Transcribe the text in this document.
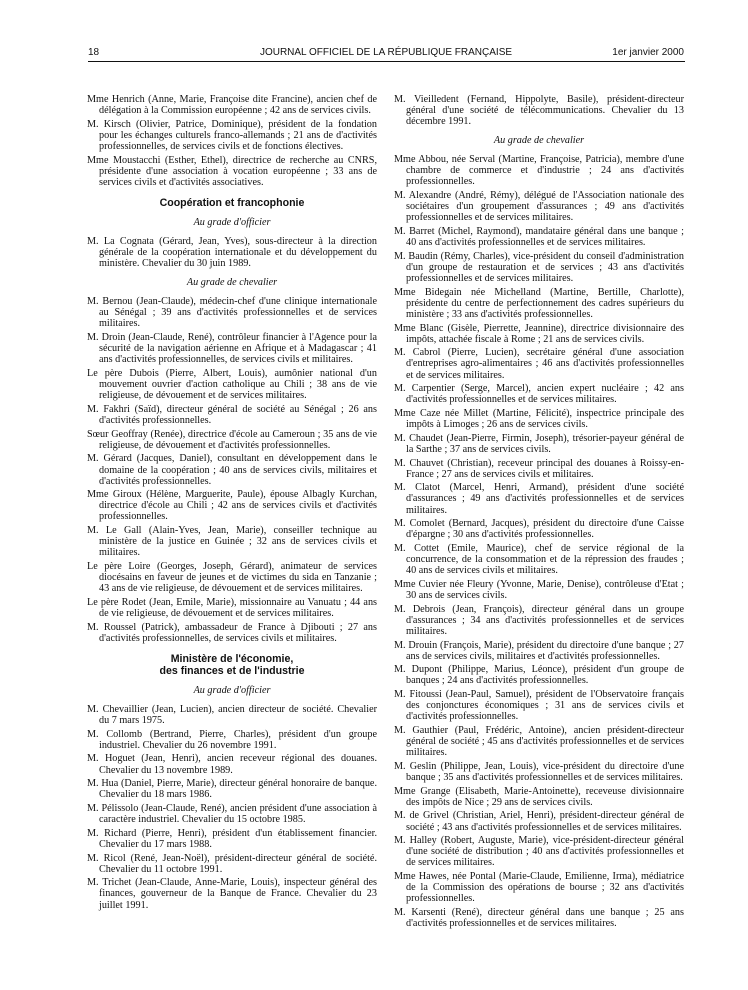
18	JOURNAL OFFICIEL DE LA RÉPUBLIQUE FRANÇAISE	1er janvier 2000

Mme Henrich (Anne, Marie, Françoise dite Francine), ancien chef de délégation à la Commission européenne ; 42 ans de services civils.

M. Kirsch (Olivier, Patrice, Dominique), président de la fondation pour les échanges culturels franco-allemands ; 21 ans de d'activités professionnelles, de services civils et de fonctions électives.

Mme Moustacchi (Esther, Ethel), directrice de recherche au CNRS, présidente d'une association à vocation européenne ; 33 ans de services civils et d'activités associatives.

Coopération et francophonie
Au grade d'officier

M. La Cognata (Gérard, Jean, Yves), sous-directeur à la direction générale de la coopération internationale et du développement du ministère. Chevalier du 30 juin 1989.

Au grade de chevalier

M. Bernou (Jean-Claude), médecin-chef d'une clinique internationale au Sénégal ; 39 ans d'activités professionnelles et de services militaires.

M. Droin (Jean-Claude, René), contrôleur financier à l'Agence pour la sécurité de la navigation aérienne en Afrique et à Madagascar ; 41 ans d'activités professionnelles, de services civils et militaires.

Le père Dubois (Pierre, Albert, Louis), aumônier national d'un mouvement ouvrier d'action catholique au Chili ; 38 ans de vie religieuse, de dévouement et de services militaires.

M. Fakhri (Saïd), directeur général de société au Sénégal ; 26 ans d'activités professionnelles.

Sœur Geoffray (Renée), directrice d'école au Cameroun ; 35 ans de vie religieuse, de dévouement et d'activités professionnelles.

M. Gérard (Jacques, Daniel), consultant en développement dans le domaine de la coopération ; 40 ans de services civils, militaires et d'activités professionnelles.

Mme Giroux (Hélène, Marguerite, Paule), épouse Albagly Kurchan, directrice d'école au Chili ; 42 ans de services civils et d'activités professionnelles.

M. Le Gall (Alain-Yves, Jean, Marie), conseiller technique au ministère de la justice en Guinée ; 32 ans de services civils et militaires.

Le père Loire (Georges, Joseph, Gérard), animateur de services diocésains en faveur de jeunes et de victimes du sida en Tanzanie ; 43 ans de vie religieuse, de dévouement et de services militaires.

Le père Rodet (Jean, Emile, Marie), missionnaire au Vanuatu ; 44 ans de vie religieuse, de dévouement et de services militaires.

M. Roussel (Patrick), ambassadeur de France à Djibouti ; 27 ans d'activités professionnelles, de services civils et militaires.

Ministère de l'économie,
des finances et de l'industrie
Au grade d'officier

M. Chevaillier (Jean, Lucien), ancien directeur de société. Chevalier du 7 mars 1975.

M. Collomb (Bertrand, Pierre, Charles), président d'un groupe industriel. Chevalier du 26 novembre 1991.

M. Hoguet (Jean, Henri), ancien receveur régional des douanes. Chevalier du 13 novembre 1989.

M. Hua (Daniel, Pierre, Marie), directeur général honoraire de banque. Chevalier du 18 mars 1986.

M. Pélissolo (Jean-Claude, René), ancien président d'une association à caractère industriel. Chevalier du 15 octobre 1985.

M. Richard (Pierre, Henri), président d'un établissement financier. Chevalier du 17 mars 1988.

M. Ricol (René, Jean-Noël), président-directeur général de société. Chevalier du 11 octobre 1991.

M. Trichet (Jean-Claude, Anne-Marie, Louis), inspecteur général des finances, gouverneur de la Banque de France. Chevalier du 23 juillet 1991.

M. Vieilledent (Fernand, Hippolyte, Basile), président-directeur général d'une société de télécommunications. Chevalier du 13 décembre 1991.

Au grade de chevalier

Mme Abbou, née Serval (Martine, Françoise, Patricia), membre d'une chambre de commerce et d'industrie ; 24 ans d'activités professionnelles.

M. Alexandre (André, Rémy), délégué de l'Association nationale des sociétaires d'un groupement d'assurances ; 49 ans d'activités professionnelles et de services militaires.

M. Barret (Michel, Raymond), mandataire général dans une banque ; 40 ans d'activités professionnelles et de services militaires.

M. Baudin (Rémy, Charles), vice-président du conseil d'administration d'un groupe de restauration et de services ; 43 ans d'activités professionnelles et de services militaires.

Mme Bidegain née Michelland (Martine, Bertille, Charlotte), présidente du centre de perfectionnement des cadres supérieurs du ministère ; 33 ans d'activités professionnelles.

Mme Blanc (Gisèle, Pierrette, Jeannine), directrice divisionnaire des impôts, attachée fiscale à Rome ; 21 ans de services civils.

M. Cabrol (Pierre, Lucien), secrétaire général d'une association d'entreprises agro-alimentaires ; 46 ans d'activités professionnelles et de services militaires.

M. Carpentier (Serge, Marcel), ancien expert nucléaire ; 42 ans d'activités professionnelles et de services militaires.

Mme Caze née Millet (Martine, Félicité), inspectrice principale des impôts à Limoges ; 26 ans de services civils.

M. Chaudet (Jean-Pierre, Firmin, Joseph), trésorier-payeur général de la Sarthe ; 37 ans de services civils.

M. Chauvet (Christian), receveur principal des douanes à Roissy-en-France ; 27 ans de services civils et militaires.

M. Clatot (Marcel, Henri, Armand), président d'une société d'assurances ; 49 ans d'activités professionnelles et de services militaires.

M. Comolet (Bernard, Jacques), président du directoire d'une Caisse d'épargne ; 30 ans d'activités professionnelles.

M. Cottet (Emile, Maurice), chef de service régional de la concurrence, de la consommation et de la répression des fraudes ; 40 ans de services civils et militaires.

Mme Cuvier née Fleury (Yvonne, Marie, Denise), contrôleuse d'Etat ; 30 ans de services civils.

M. Debrois (Jean, François), directeur général dans un groupe d'assurances ; 34 ans d'activités professionnelles et de services militaires.

M. Drouin (François, Marie), président du directoire d'une banque ; 27 ans de services civils, militaires et d'activités professionnelles.

M. Dupont (Philippe, Marius, Léonce), président d'un groupe de banques ; 24 ans d'activités professionnelles.

M. Fitoussi (Jean-Paul, Samuel), président de l'Observatoire français des conjonctures économiques ; 31 ans de services civils et d'activités professionnelles.

M. Gauthier (Paul, Frédéric, Antoine), ancien président-directeur général de société ; 45 ans d'activités professionnelles et de services militaires.

M. Geslin (Philippe, Jean, Louis), vice-président du directoire d'une banque ; 35 ans d'activités professionnelles et de services militaires.

Mme Grange (Elisabeth, Marie-Antoinette), receveuse divisionnaire des impôts de Nice ; 29 ans de services civils.

M. de Grivel (Christian, Ariel, Henri), président-directeur général de société ; 43 ans d'activités professionnelles et de services militaires.

M. Halley (Robert, Auguste, Marie), vice-président-directeur général d'une société de distribution ; 40 ans d'activités professionnelles et de services militaires.

Mme Hawes, née Pontal (Marie-Claude, Emilienne, Irma), médiatrice de la Commission des opérations de bourse ; 32 ans d'activités professionnelles.

M. Karsenti (René), directeur général dans une banque ; 25 ans d'activités professionnelles et de services militaires.
